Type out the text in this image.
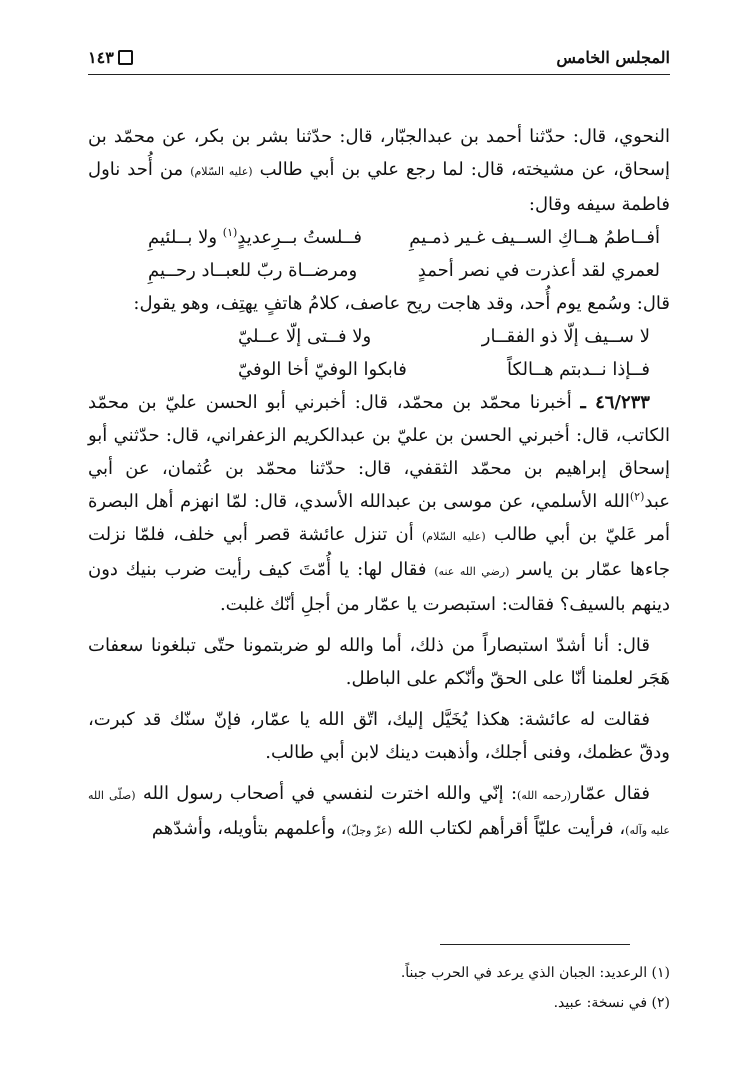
المجلس الخامس
١٤٣

النحوي، قال: حدّثنا أحمد بن عبدالجبّار، قال: حدّثنا بشر بن بكر، عن محمّد بن إسحاق، عن مشيخته، قال: لما رجع علي بن أبي طالب (عليه السّلام) من أُحد ناول فاطمة سيفه وقال:

أفــاطمُ هــاكِ الســيف غـير ذمـيمِ
فــلستُ بــرِعديدٍ(١) ولا بــلئيمِ
لعمري لقد أعذرت في نصر أحمدٍ
ومرضــاة ربّ للعبــاد رحــيمِ

قال: وسُمع يوم أُحد، وقد هاجت ريح عاصف، كلامُ هاتفٍ يهتِف، وهو يقول:

لا ســيف إلّا ذو الفقــار
ولا فــتى إلّا عــليّ
فــإذا نــدبتم هــالكاً
فابكوا الوفيّ أخا الوفيّ

٤٦/٢٣٣ ـ أخبرنا محمّد بن محمّد، قال: أخبرني أبو الحسن عليّ بن محمّد الكاتب، قال: أخبرني الحسن بن عليّ بن عبدالكريم الزعفراني، قال: حدّثني أبو إسحاق إبراهيم بن محمّد الثقفي، قال: حدّثنا محمّد بن عُثمان، عن أبي عبد$^{(٢)}$الله الأسلمي، عن موسى بن عبدالله الأسدي، قال: لمّا انهزم أهل البصرة أمر عَليّ بن أبي طالب (عليه السّلام) أن تنزل عائشة قصر أبي خلف، فلمّا نزلت جاءها عمّار بن ياسر (رضي الله عنه) فقال لها: يا أُمّتَ كيف رأيت ضرب بنيك دون دينهم بالسيف؟ فقالت: استبصرت يا عمّار من أجلِ أنّك غلبت.

قال: أنا أشدّ استبصاراً من ذلك، أما والله لو ضربتمونا حتّى تبلغونا سعفات هَجَر لعلمنا أنّا على الحقّ وأنّكم على الباطل.

فقالت له عائشة: هكذا يُخَيَّل إليك، اتّق الله يا عمّار، فإنّ سنّك قد كبرت، ودقّ عظمك، وفنى أجلك، وأذهبت دينك لابن أبي طالب.

فقال عمّار(رحمه الله): إنّي والله اخترت لنفسي في أصحاب رسول الله (صلّى الله عليه وآله)، فرأيت عليّاً أقرأهم لكتاب الله (عزّ وجلّ)، وأعلمهم بتأويله، وأشدّهم

(١) الرعديد: الجبان الذي يرعد في الحرب جبناً.
(٢) في نسخة: عبيد.
